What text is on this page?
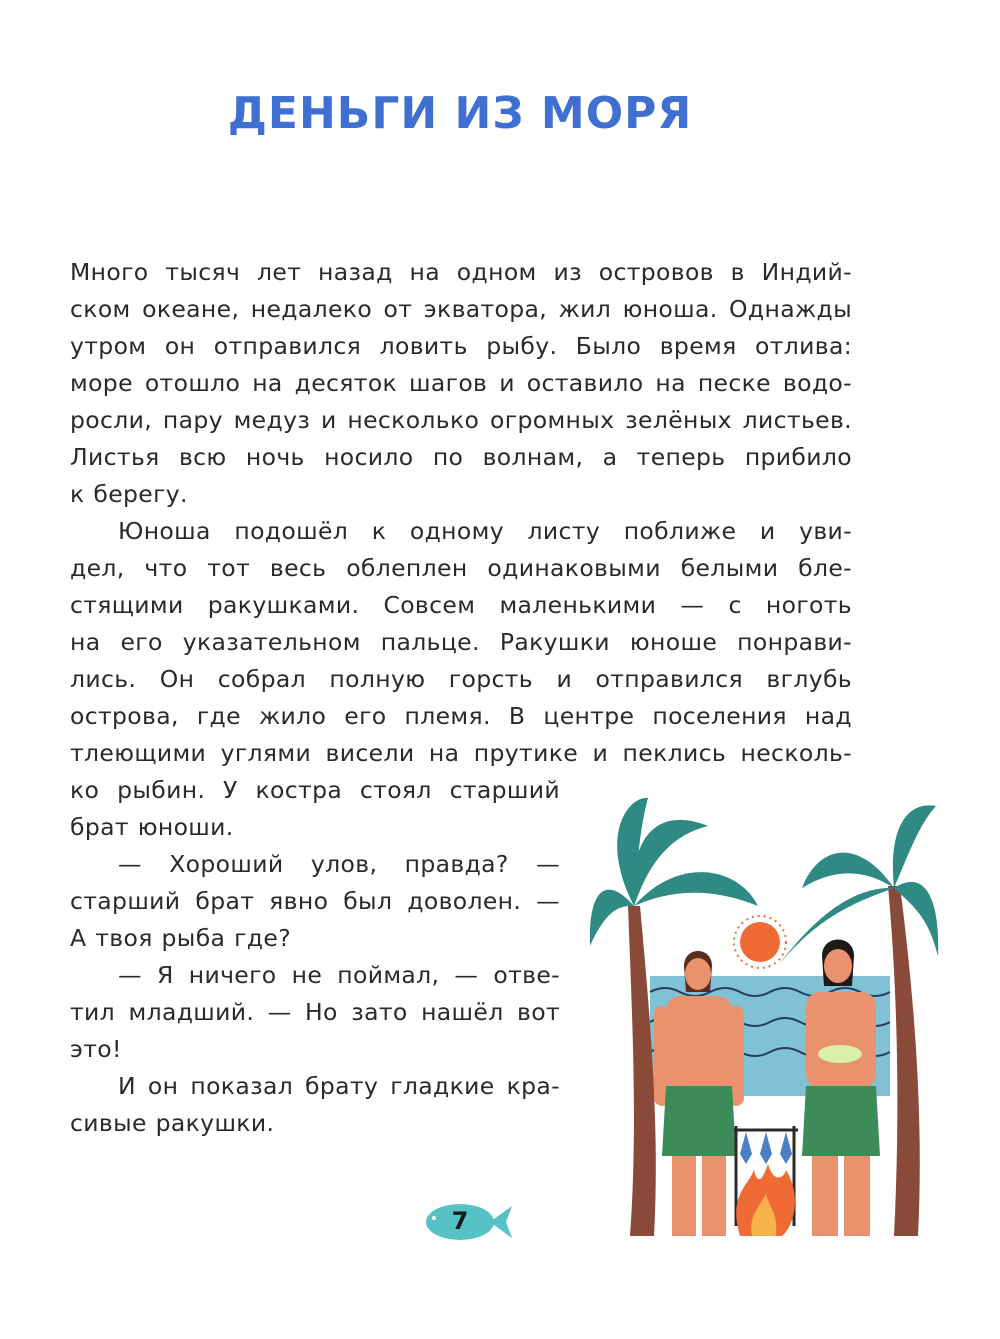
ДЕНЬГИ ИЗ МОРЯ
Много тысяч лет назад на одном из островов в Индий-
ском океане, недалеко от экватора, жил юноша. Однажды
утром он отправился ловить рыбу. Было время отлива:
море отошло на десяток шагов и оставило на песке водо-
росли, пару медуз и несколько огромных зелёных листьев.
Листья всю ночь носило по волнам, а теперь прибило
к берегу.
Юноша подошёл к одному листу поближе и уви-
дел, что тот весь облеплен одинаковыми белыми бле-
стящими ракушками. Совсем маленькими — с ноготь
на его указательном пальце. Ракушки юноше понрави-
лись. Он собрал полную горсть и отправился вглубь
острова, где жило его племя. В центре поселения над
тлеющими углями висели на прутике и пеклись несколь-
ко рыбин. У костра стоял старший
брат юноши.
— Хороший улов, правда? —
старший брат явно был доволен. —
А твоя рыба где?
— Я ничего не поймал, — отве-
тил младший. — Но зато нашёл вот
это!
И он показал брату гладкие кра-
сивые ракушки.
7
